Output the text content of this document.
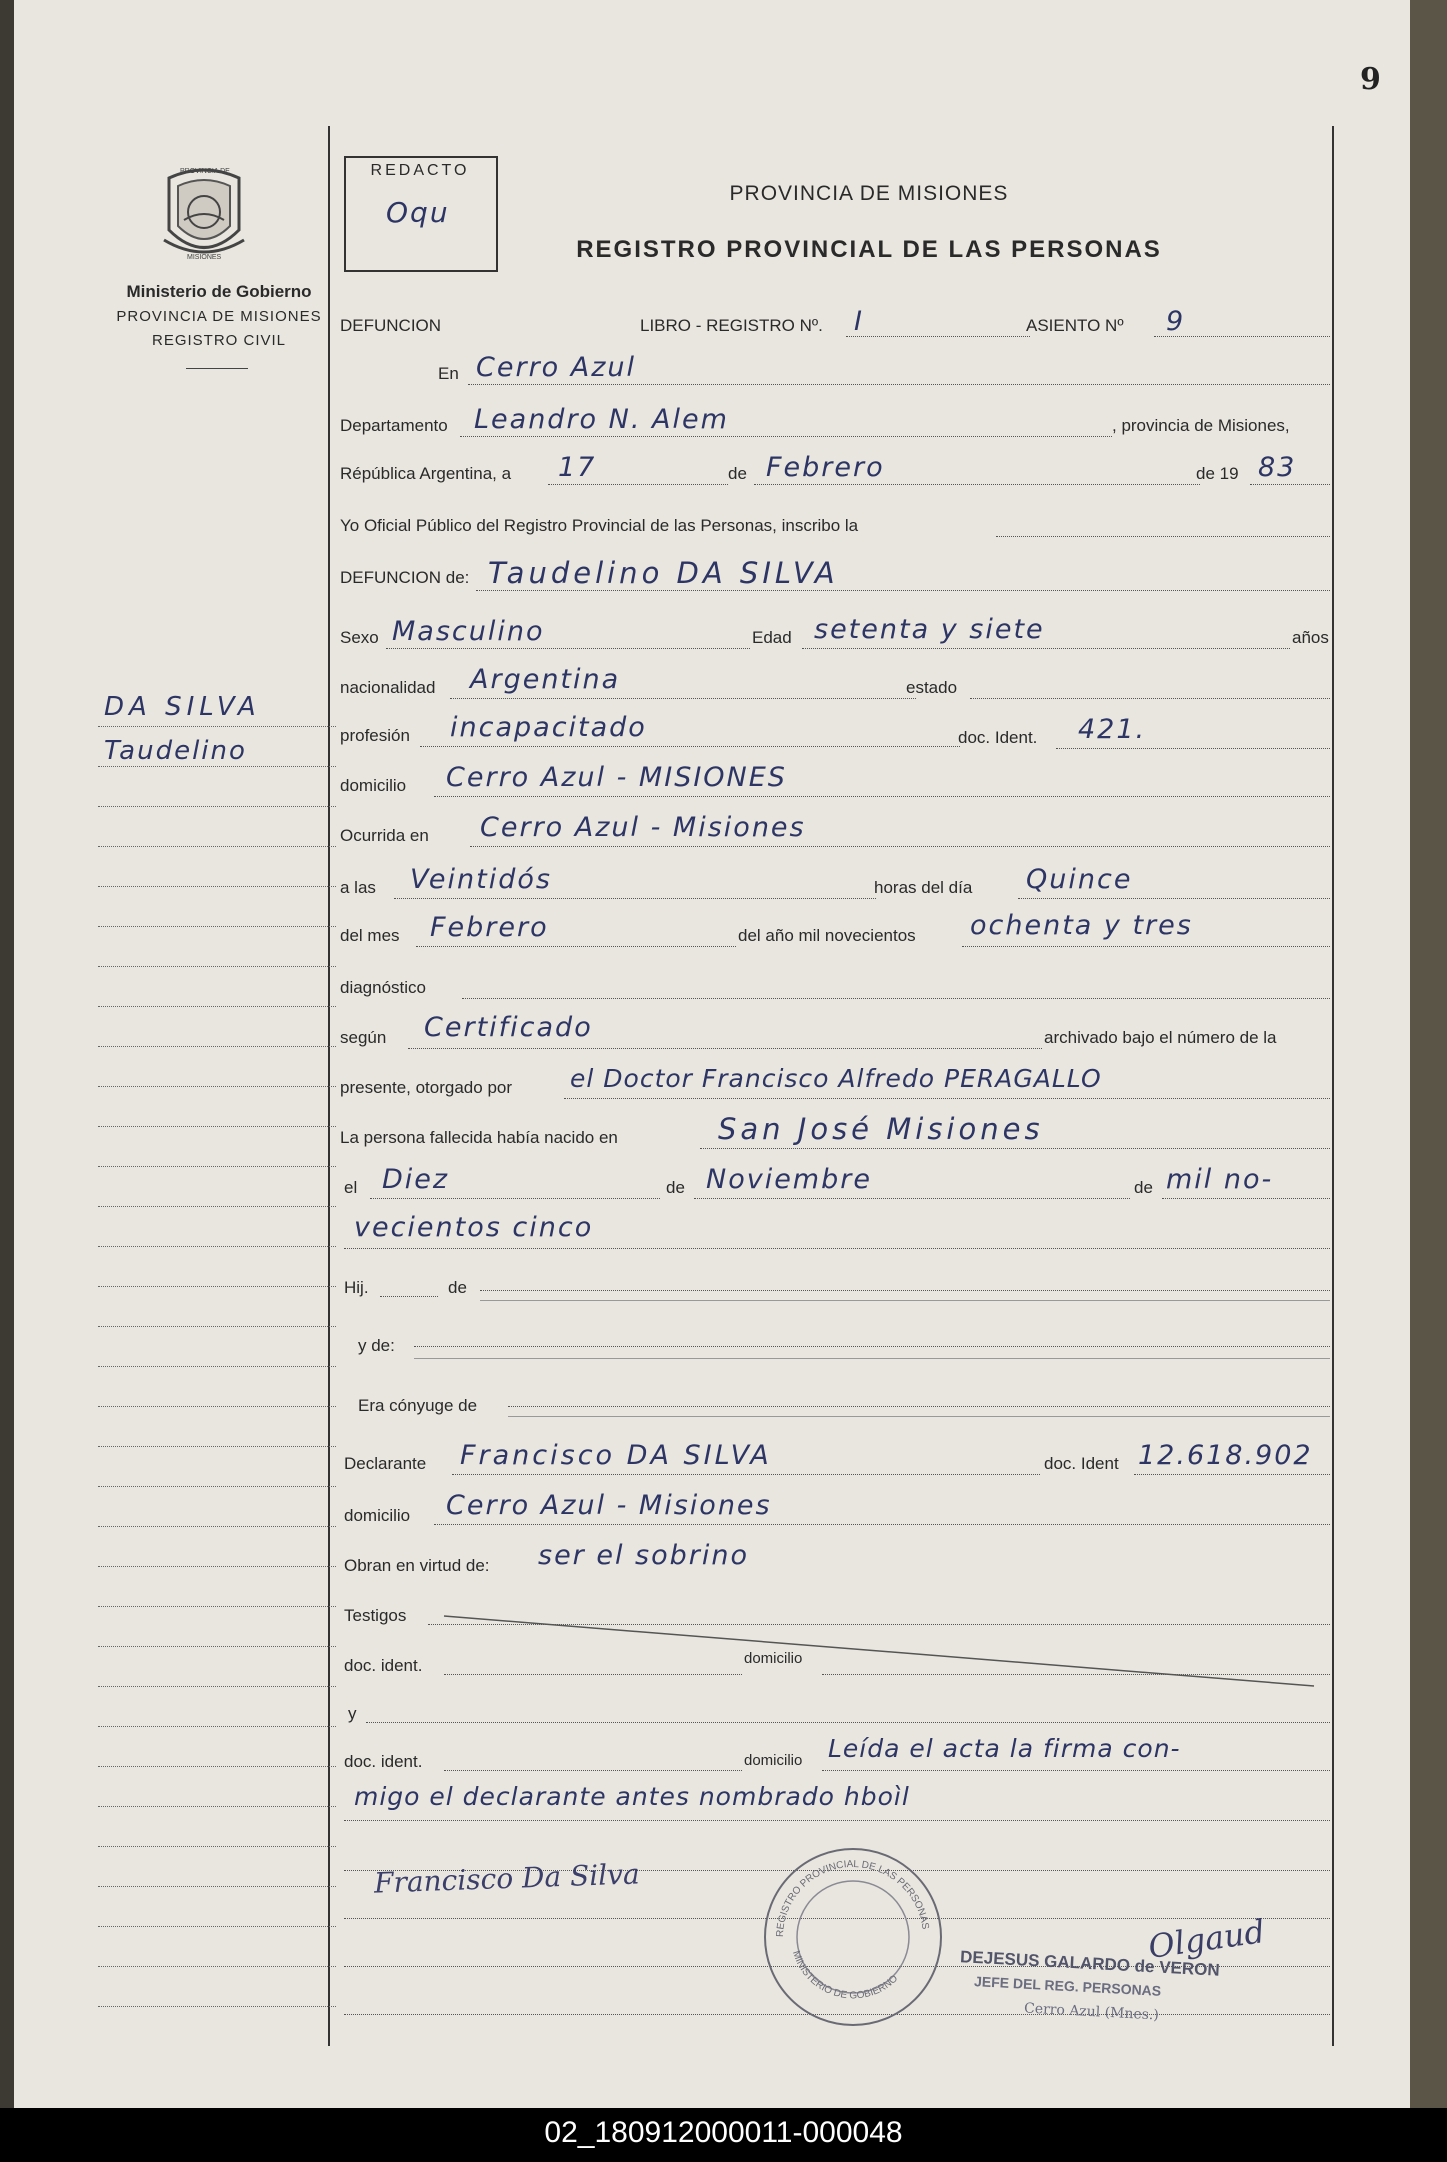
9
PROVINCIA DE
MISIONES
Ministerio de Gobierno
PROVINCIA DE MISIONES
REGISTRO CIVIL
REDACTO
Oqu
PROVINCIA DE MISIONES
REGISTRO PROVINCIAL DE LAS PERSONAS
DEFUNCION	LIBRO - REGISTRO Nº. I	ASIENTO Nº 9
En Cerro Azul
Departamento Leandro N. Alem	, provincia de Misiones,
Répública Argentina, a 17	de Febrero	de 19 83
Yo Oficial Público del Registro Provincial de las Personas, inscribo la
DEFUNCION de: Taudelino DA SILVA
Sexo Masculino	Edad setenta y siete	años
nacionalidad Argentina	estado
profesión incapacitado	doc. Ident. 421.
domicilio Cerro Azul - MISIONES
Ocurrida en Cerro Azul - Misiones
a las Veintidós	horas del día Quince
del mes Febrero	del año mil novecientos ochenta y tres
diagnóstico
según Certificado	archivado bajo el número de la
presente, otorgado por el Doctor Francisco Alfredo PERAGALLO
La persona fallecida había nacido en	San José Misiones
el Diez	de Noviembre	de mil no-
vecientos cinco
Hij.	de
y de:
Era cónyuge de
Declarante Francisco DA SILVA	doc. Ident 12.618.902
domicilio Cerro Azul - Misiones
Obran en virtud de: ser el sobrino
Testigos
doc. ident.	domicilio
y
doc. ident.	domicilio Leída el acta la firma con-
migo el declarante antes nombrado hboìl
Francisco Da Silva
REGISTRO PROVINCIAL DE LAS PERSONAS
MINISTERIO DE GOBIERNO
DEJESUS GALARDO de VERON
JEFE DEL REG. PERSONAS
Cerro Azul (Mnes.)
Olgaud
DA SILVA
Taudelino
02_180912000011-000048
